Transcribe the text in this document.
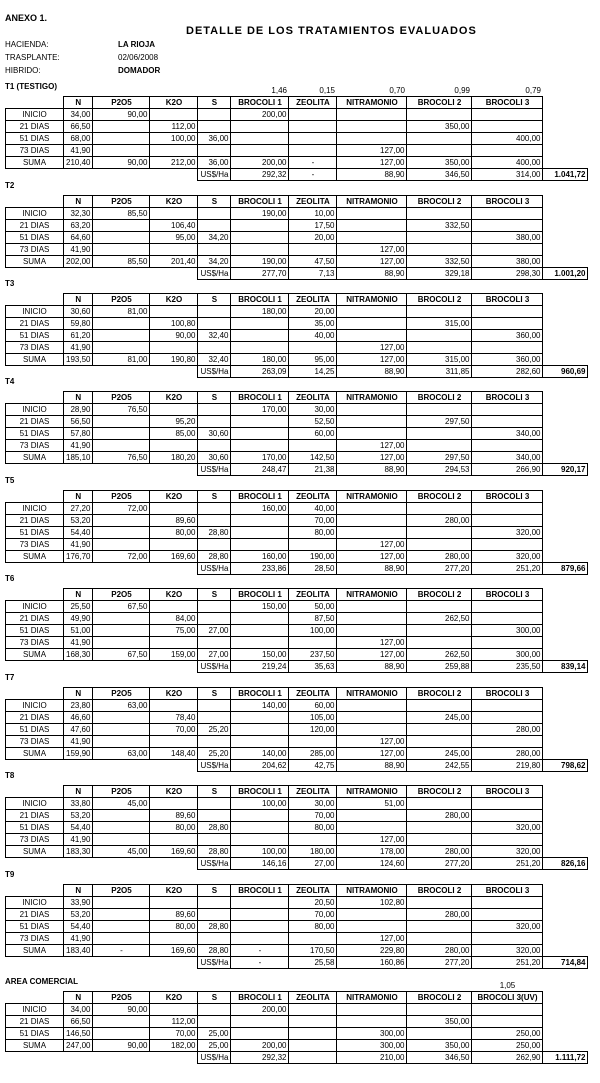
ANEXO 1.
DETALLE DE LOS TRATAMIENTOS EVALUADOS
HACIENDA:	LA RIOJA
TRASPLANTE:	02/06/2008
HIBRIDO:	DOMADOR
T1 (TESTIGO)
						1,46	0,15	0,70	0,99	0,79	
	N	P2O5	K2O	S	BROCOLI 1	ZEOLITA	NITRAMONIO	BROCOLI 2	BROCOLI 3	
INICIO	34,00	90,00			200,00					
21 DIAS	66,50		112,00					350,00		
51 DIAS	68,00		100,00	36,00					400,00	
73 DIAS	41,90						127,00			
SUMA	210,40	90,00	212,00	36,00	200,00	-	127,00	350,00	400,00	
				US$/Ha	292,32	-	88,90	346,50	314,00	1.041,72
T2

	N	P2O5	K2O	S	BROCOLI 1	ZEOLITA	NITRAMONIO	BROCOLI 2	BROCOLI 3	
INICIO	32,30	85,50			190,00	10,00				
21 DIAS	63,20		106,40			17,50		332,50		
51 DIAS	64,60		95,00	34,20		20,00			380,00	
73 DIAS	41,90						127,00			
SUMA	202,00	85,50	201,40	34,20	190,00	47,50	127,00	332,50	380,00	
				US$/Ha	277,70	7,13	88,90	329,18	298,30	1.001,20
T3

	N	P2O5	K2O	S	BROCOLI 1	ZEOLITA	NITRAMONIO	BROCOLI 2	BROCOLI 3	
INICIO	30,60	81,00			180,00	20,00				
21 DIAS	59,80		100,80			35,00		315,00		
51 DIAS	61,20		90,00	32,40		40,00			360,00	
73 DIAS	41,90						127,00			
SUMA	193,50	81,00	190,80	32,40	180,00	95,00	127,00	315,00	360,00	
				US$/Ha	263,09	14,25	88,90	311,85	282,60	960,69
T4

	N	P2O5	K2O	S	BROCOLI 1	ZEOLITA	NITRAMONIO	BROCOLI 2	BROCOLI 3	
INICIO	28,90	76,50			170,00	30,00				
21 DIAS	56,50		95,20			52,50		297,50		
51 DIAS	57,80		85,00	30,60		60,00			340,00	
73 DIAS	41,90						127,00			
SUMA	185,10	76,50	180,20	30,60	170,00	142,50	127,00	297,50	340,00	
				US$/Ha	248,47	21,38	88,90	294,53	266,90	920,17
T5

	N	P2O5	K2O	S	BROCOLI 1	ZEOLITA	NITRAMONIO	BROCOLI 2	BROCOLI 3	
INICIO	27,20	72,00			160,00	40,00				
21 DIAS	53,20		89,60			70,00		280,00		
51 DIAS	54,40		80,00	28,80		80,00			320,00	
73 DIAS	41,90						127,00			
SUMA	176,70	72,00	169,60	28,80	160,00	190,00	127,00	280,00	320,00	
				US$/Ha	233,86	28,50	88,90	277,20	251,20	879,66
T6

	N	P2O5	K2O	S	BROCOLI 1	ZEOLITA	NITRAMONIO	BROCOLI 2	BROCOLI 3	
INICIO	25,50	67,50			150,00	50,00				
21 DIAS	49,90		84,00			87,50		262,50		
51 DIAS	51,00		75,00	27,00		100,00			300,00	
73 DIAS	41,90						127,00			
SUMA	168,30	67,50	159,00	27,00	150,00	237,50	127,00	262,50	300,00	
				US$/Ha	219,24	35,63	88,90	259,88	235,50	839,14
T7

	N	P2O5	K2O	S	BROCOLI 1	ZEOLITA	NITRAMONIO	BROCOLI 2	BROCOLI 3	
INICIO	23,80	63,00			140,00	60,00				
21 DIAS	46,60		78,40			105,00		245,00		
51 DIAS	47,60		70,00	25,20		120,00			280,00	
73 DIAS	41,90						127,00			
SUMA	159,90	63,00	148,40	25,20	140,00	285,00	127,00	245,00	280,00	
				US$/Ha	204,62	42,75	88,90	242,55	219,80	798,62
T8

	N	P2O5	K2O	S	BROCOLI 1	ZEOLITA	NITRAMONIO	BROCOLI 2	BROCOLI 3	
INICIO	33,80	45,00			100,00	30,00	51,00			
21 DIAS	53,20		89,60			70,00		280,00		
51 DIAS	54,40		80,00	28,80		80,00			320,00	
73 DIAS	41,90						127,00			
SUMA	183,30	45,00	169,60	28,80	100,00	180,00	178,00	280,00	320,00	
				US$/Ha	146,16	27,00	124,60	277,20	251,20	826,16
T9

	N	P2O5	K2O	S	BROCOLI 1	ZEOLITA	NITRAMONIO	BROCOLI 2	BROCOLI 3	
INICIO	33,90					20,50	102,80			
21 DIAS	53,20		89,60			70,00		280,00		
51 DIAS	54,40		80,00	28,80		80,00			320,00	
73 DIAS	41,90						127,00			
SUMA	183,40	-	169,60	28,80	-	170,50	229,80	280,00	320,00	
				US$/Ha	-	25,58	160,86	277,20	251,20	714,84
AREA COMERCIAL
										1,05	
	N	P2O5	K2O	S	BROCOLI 1	ZEOLITA	NITRAMONIO	BROCOLI 2	BROCOLI 3(UV)	
INICIO	34,00	90,00			200,00					
21 DIAS	66,50		112,00					350,00		
51 DIAS	146,50		70,00	25,00			300,00		250,00	
SUMA	247,00	90,00	182,00	25,00	200,00		300,00	350,00	250,00	
				US$/Ha	292,32		210,00	346,50	262,90	1.111,72
